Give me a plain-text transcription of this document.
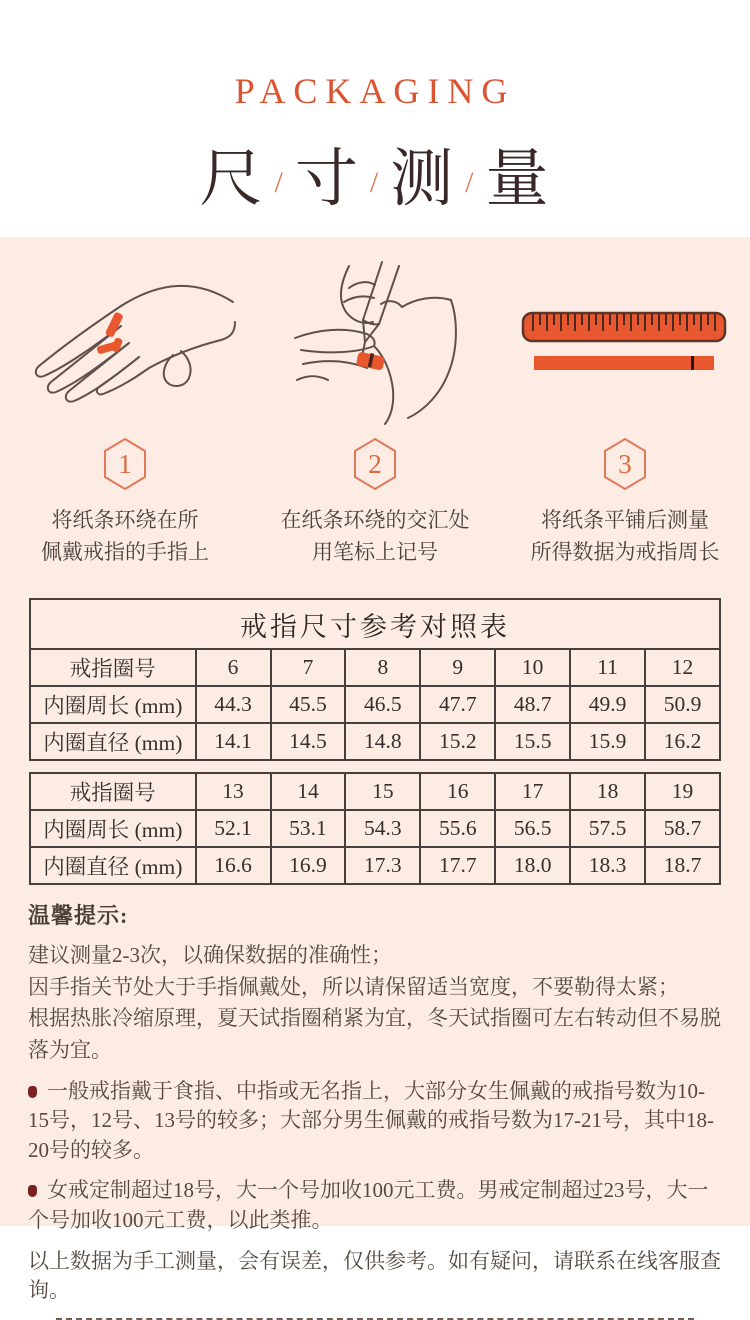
PACKAGING
尺 / 寸 / 测 / 量
1
将纸条环绕在所
佩戴戒指的手指上
2
在纸条环绕的交汇处
用笔标上记号
3
将纸条平铺后测量
所得数据为戒指周长
戒指尺寸参考对照表							
戒指圈号	6	7	8	9	10	11	12
内圈周长 (mm)	44.3	45.5	46.5	47.7	48.7	49.9	50.9
内圈直径 (mm)	14.1	14.5	14.8	15.2	15.5	15.9	16.2
戒指圈号	13	14	15	16	17	18	19
内圈周长 (mm)	52.1	53.1	54.3	55.6	56.5	57.5	58.7
内圈直径 (mm)	16.6	16.9	17.3	17.7	18.0	18.3	18.7
温馨提示:
建议测量2-3次，以确保数据的准确性；
因手指关节处大于手指佩戴处，所以请保留适当宽度，不要勒得太紧；
根据热胀冷缩原理，夏天试指圈稍紧为宜，冬天试指圈可左右转动但不易脱落为宜。
一般戒指戴于食指、中指或无名指上，大部分女生佩戴的戒指号数为10-15号，12号、13号的较多；大部分男生佩戴的戒指号数为17-21号，其中18-20号的较多。
女戒定制超过18号，大一个号加收100元工费。男戒定制超过23号，大一个号加收100元工费，以此类推。
以上数据为手工测量，会有误差，仅供参考。如有疑问，请联系在线客服查询。
